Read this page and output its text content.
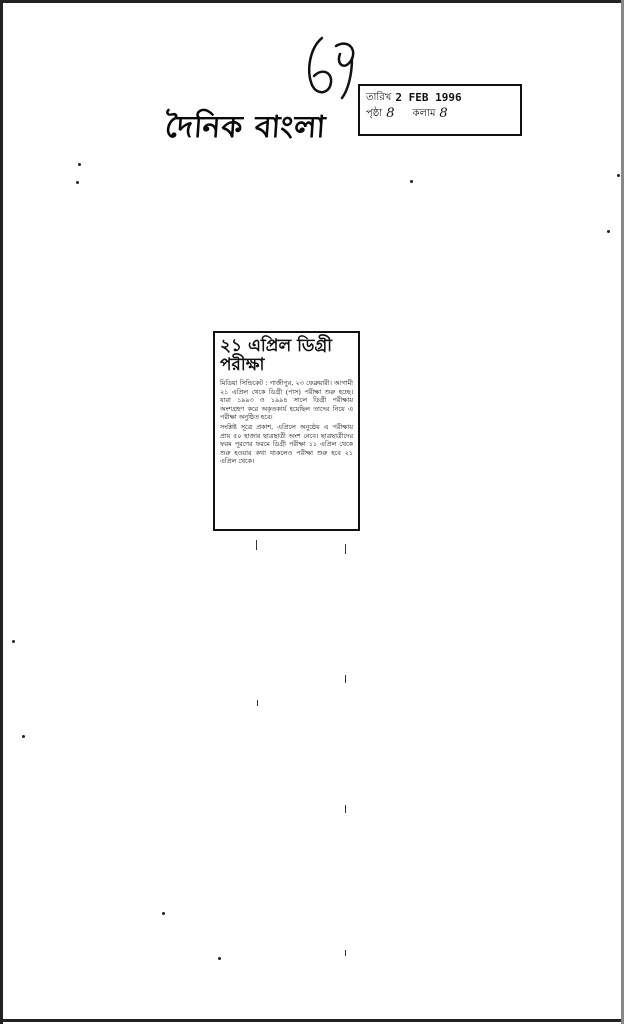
দৈনিক বাংলা
তারিখ 2 FEB 1996
পৃষ্ঠা 8 কলাম 8
২১ এপ্রিল ডিগ্রী পরীক্ষা

মিডিয়া সিন্ডিকেট : গাজীপুর, ২৩ ফেব্রুয়ারী। আগামী ২১ এপ্রিল থেকে ডিগ্রী (পাস) পরীক্ষা শুরু হচ্ছে। যারা ১৯৯৩ ও ১৯৯৪ সালে ডিগ্রী পরীক্ষায় অংশগ্রহণ করে অকৃতকার্য হয়েছিল তাদের নিয়ে এ পরীক্ষা অনুষ্ঠিত হবে।

সংশ্লিষ্ট সূত্রে প্রকাশ, এপ্রিলে অনুষ্ঠেয় এ পরীক্ষায় প্রায় ৫০ হাজার ছাত্রছাত্রী অংশ নেবে। ছাত্রছাত্রীদের ফরম পূরণের ফরমে ডিগ্রী পরীক্ষা ১১ এপ্রিল থেকে শুরু হওয়ার কথা থাকলেও পরীক্ষা শুরু হবে ২১ এপ্রিল থেকে।
